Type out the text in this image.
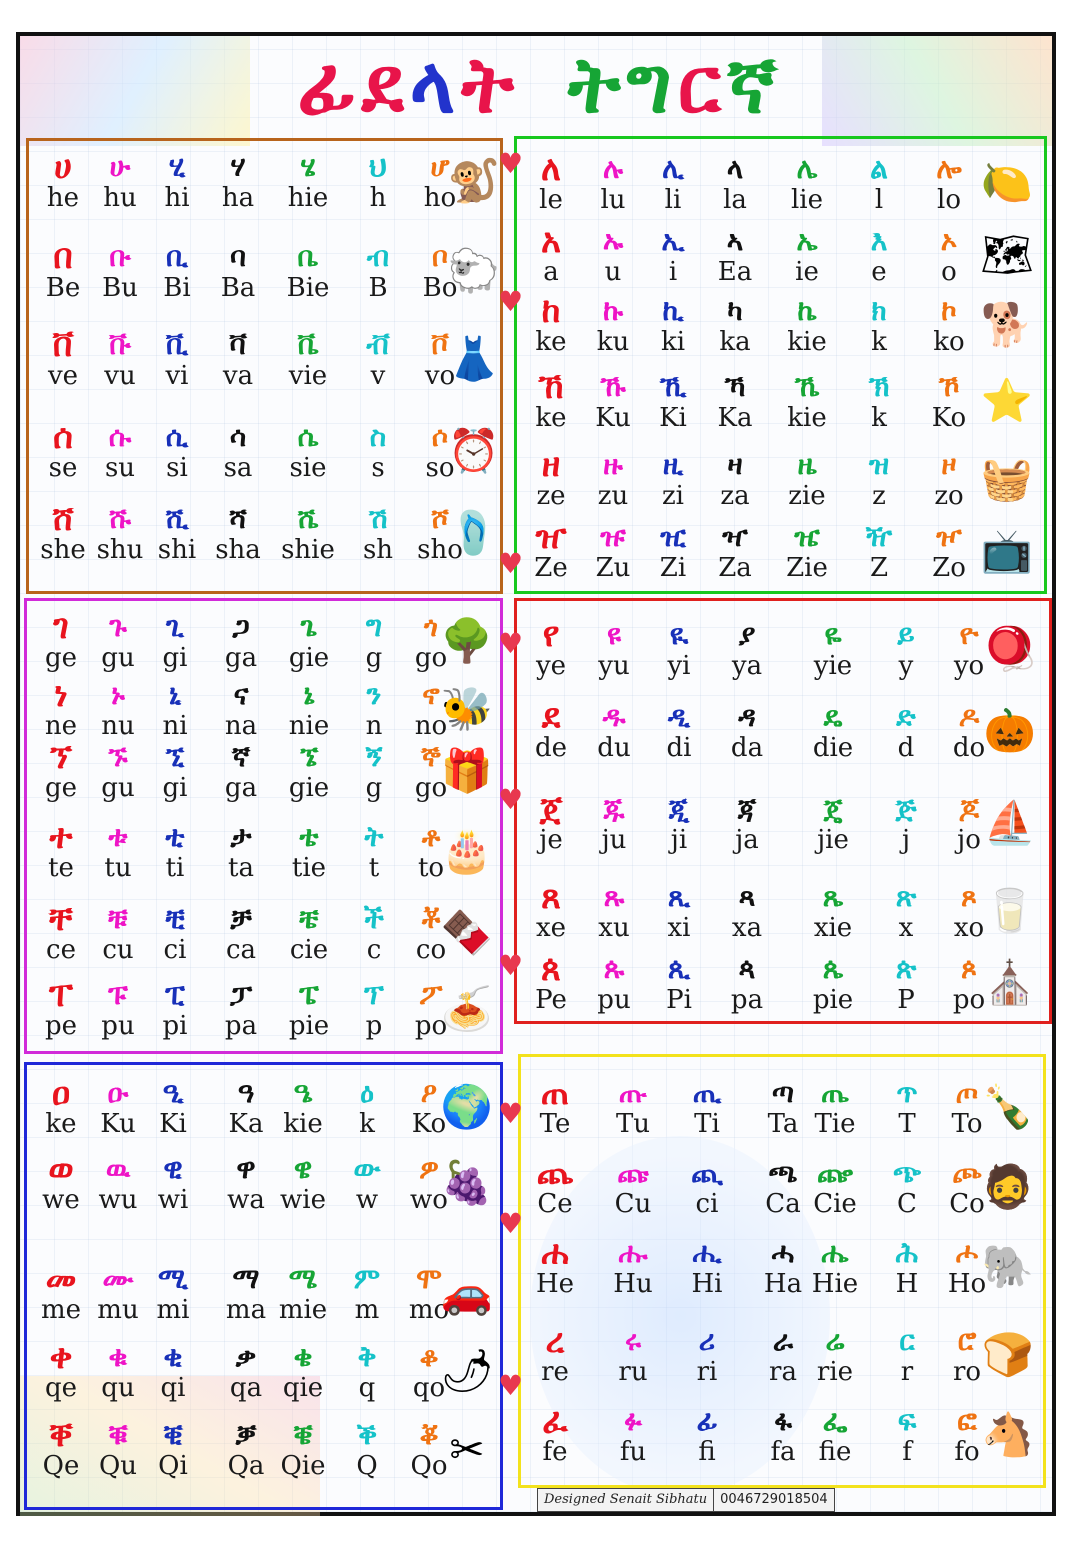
ፊደላት ትግርኛ
ሀ
he
ሁ
hu
ሂ
hi
ሃ
ha
ሄ
hie
ህ
h
ሆ
ho
🐒
በ
Be
ቡ
Bu
ቢ
Bi
ባ
Ba
ቤ
Bie
ብ
B
ቦ
Bo
🐑
ቨ
ve
ቩ
vu
ቪ
vi
ቫ
va
ቬ
vie
ቭ
v
ቮ
vo
👗
ሰ
se
ሱ
su
ሲ
si
ሳ
sa
ሴ
sie
ስ
s
ሶ
so
⏰
ሸ
she
ሹ
shu
ሺ
shi
ሻ
sha
ሼ
shie
ሽ
sh
ሾ
sho
🩴
ለ
le
ሉ
lu
ሊ
li
ላ
la
ሌ
lie
ል
l
ሎ
lo 🍋
አ
a
ኡ
u
ኢ
i
ኣ
Ea
ኤ
ie
እ
e
ኦ
o 🗺
ከ
ke
ኩ
ku
ኪ
ki
ካ
ka
ኬ
kie
ክ
k
ኮ
ko 🐕
ኸ
ke
ኹ
Ku
ኺ
Ki
ኻ
Ka
ኼ
kie
ኽ
k
ኾ
Ko ⭐
ዘ
ze
ዙ
zu
ዚ
zi
ዛ
za
ዜ
zie
ዝ
z
ዞ
zo 🧺
ዠ
Ze
ዡ
Zu
ዢ
Zi
ዣ
Za
ዤ
Zie
ዥ
Z
ዦ
Zo 📺
ገ
ge
ጉ
gu
ጊ
gi
ጋ
ga
ጌ
gie
ግ
g
ጎ
go
🌳
ነ
ne
ኑ
nu
ኒ
ni
ና
na
ኔ
nie
ን
n
ኖ
no
🐝
ኘ
ge
ኙ
gu
ኚ
gi
ኛ
ga
ኜ
gie
ኝ
g
ኞ
go
🎁
ተ
te
ቱ
tu
ቲ
ti
ታ
ta
ቴ
tie
ት
t
ቶ
to
🎂
ቸ
ce
ቹ
cu
ቺ
ci
ቻ
ca
ቼ
cie
ች
c
ቾ
co
🍫
ፐ
pe
ፑ
pu
ፒ
pi
ፓ
pa
ፔ
pie
ፕ
p
ፖ
po
🍝
የ
ye
ዩ
yu
ዪ
yi
ያ
ya
ዬ
yie
ይ
y
ዮ
yo 🪀
ደ
de
ዱ
du
ዲ
di
ዳ
da
ዴ
die
ድ
d
ዶ
do
🎃
ጀ
je
ጁ
ju
ጂ
ji
ጃ
ja
ጄ
jie
ጅ
j
ጆ
jo ⛵
ጸ
xe
ጹ
xu
ጺ
xi
ጻ
xa
ጼ
xie
ጽ
x
ጾ
xo 🥛
ጰ
Pe
ጱ
pu
ጲ
Pi
ጳ
pa
ጴ
pie
ጵ
P
ጶ
po
⛪
ዐ
ke
ዑ
Ku
ዒ
Ki
ዓ
Ka
ዔ
kie
ዕ
k
ዖ
Ko
🌍
ወ
we
ዉ
wu
ዊ
wi
ዋ
wa
ዌ
wie
ው
w
ዎ
wo
🍇
መ
me
ሙ
mu
ሚ
mi
ማ
ma
ሜ
mie
ም
m
ሞ
mo
🚗
ቀ
qe
ቁ
qu
ቂ
qi
ቃ
qa
ቄ
qie
ቅ
q
ቆ
qo
🌶
ቐ
Qe
ቑ
Qu
ቒ
Qi
ቓ
Qa
ቔ
Qie
ቕ
Q
ቖ
Qo ✂
ጠ
Te
ጡ
Tu
ጢ
Ti
ጣ
Ta
ጤ
Tie
ጥ
T
ጦ
To 🍾
ጨ
Ce
ጩ
Cu
ጪ
ci
ጫ
Ca
ጬ
Cie
ጭ
C
ጮ
Co
🧔
ሐ
He
ሑ
Hu
ሒ
Hi
ሓ
Ha
ሔ
Hie
ሕ
H
ሖ
Ho
🐘
ረ
re
ሩ
ru
ሪ
ri
ራ
ra
ሬ
rie
ር
r
ሮ
ro 🍞
ፈ
fe
ፉ
fu
ፊ
fi
ፋ
fa
ፌ
fie
ፍ
f
ፎ
fo 🐴
Designed Senait Sibhatu	0046729018504
♥
♥
♥
♥
♥
♥
♥
♥
♥
